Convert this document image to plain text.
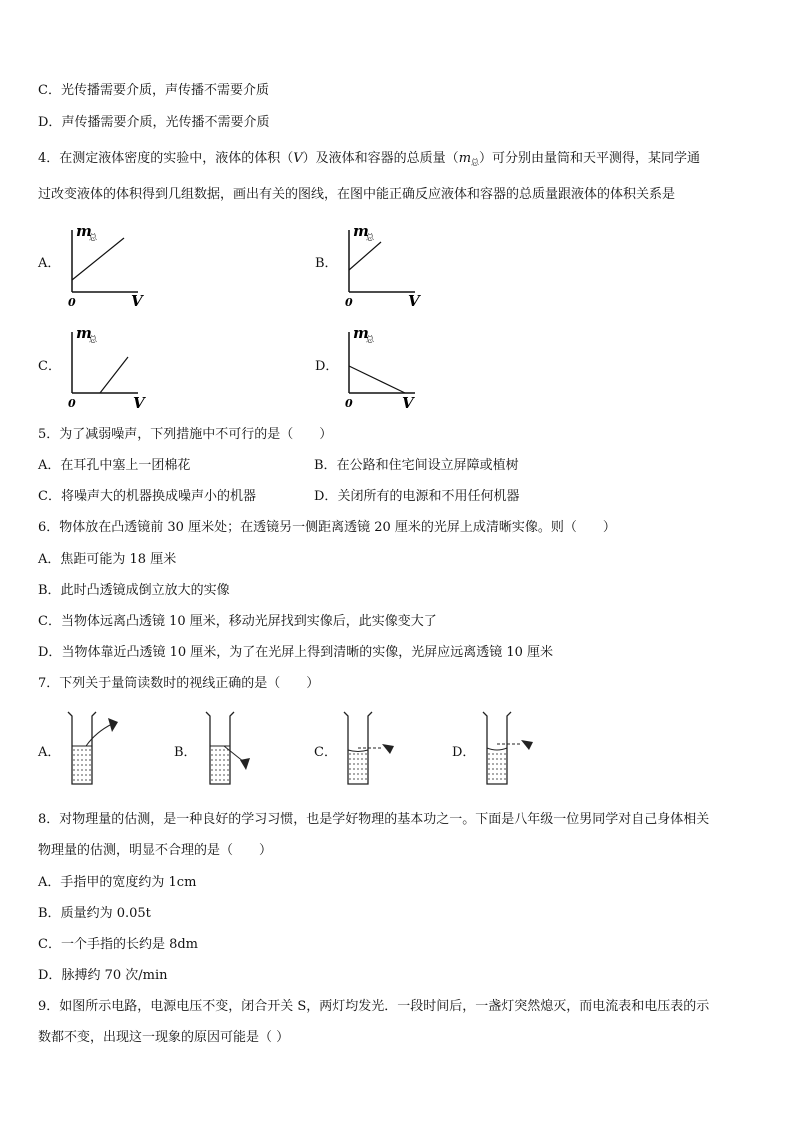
C．光传播需要介质，声传播不需要介质
D．声传播需要介质，光传播不需要介质
4．在测定液体密度的实验中，液体的体积（V）及液体和容器的总质量$(m_总)$可分别由量筒和天平测得，某同学通
过改变液体的体积得到几组数据，画出有关的图线，在图中能正确反应液体和容器的总质量跟液体的体积关系是
A．	B．
C．	D．
m
总
0	V
m
总
0	V
m
总
0	V
m
总
0	V
5．为了减弱噪声，下列措施中不可行的是（　　）
A．在耳孔中塞上一团棉花	B．在公路和住宅间设立屏障或植树
C．将噪声大的机器换成噪声小的机器	D．关闭所有的电源和不用任何机器
6．物体放在凸透镜前 30 厘米处；在透镜另一侧距离透镜 20 厘米的光屏上成清晰实像。则（　　）
A．焦距可能为 18 厘米
B．此时凸透镜成倒立放大的实像
C．当物体远离凸透镜 10 厘米，移动光屏找到实像后，此实像变大了
D．当物体靠近凸透镜 10 厘米，为了在光屏上得到清晰的实像，光屏应远离透镜 10 厘米
7．下列关于量筒读数时的视线正确的是（　　）
A．	B．	C．	D．
8．对物理量的估测，是一种良好的学习习惯，也是学好物理的基本功之一。下面是八年级一位男同学对自己身体相关
物理量的估测，明显不合理的是（　　）
A．手指甲的宽度约为 1cm
B．质量约为 0.05t
C．一个手指的长约是 8dm
D．脉搏约 70 次/min
9．如图所示电路，电源电压不变，闭合开关 S，两灯均发光．一段时间后，一盏灯突然熄灭，而电流表和电压表的示
数都不变，出现这一现象的原因可能是（ ）
